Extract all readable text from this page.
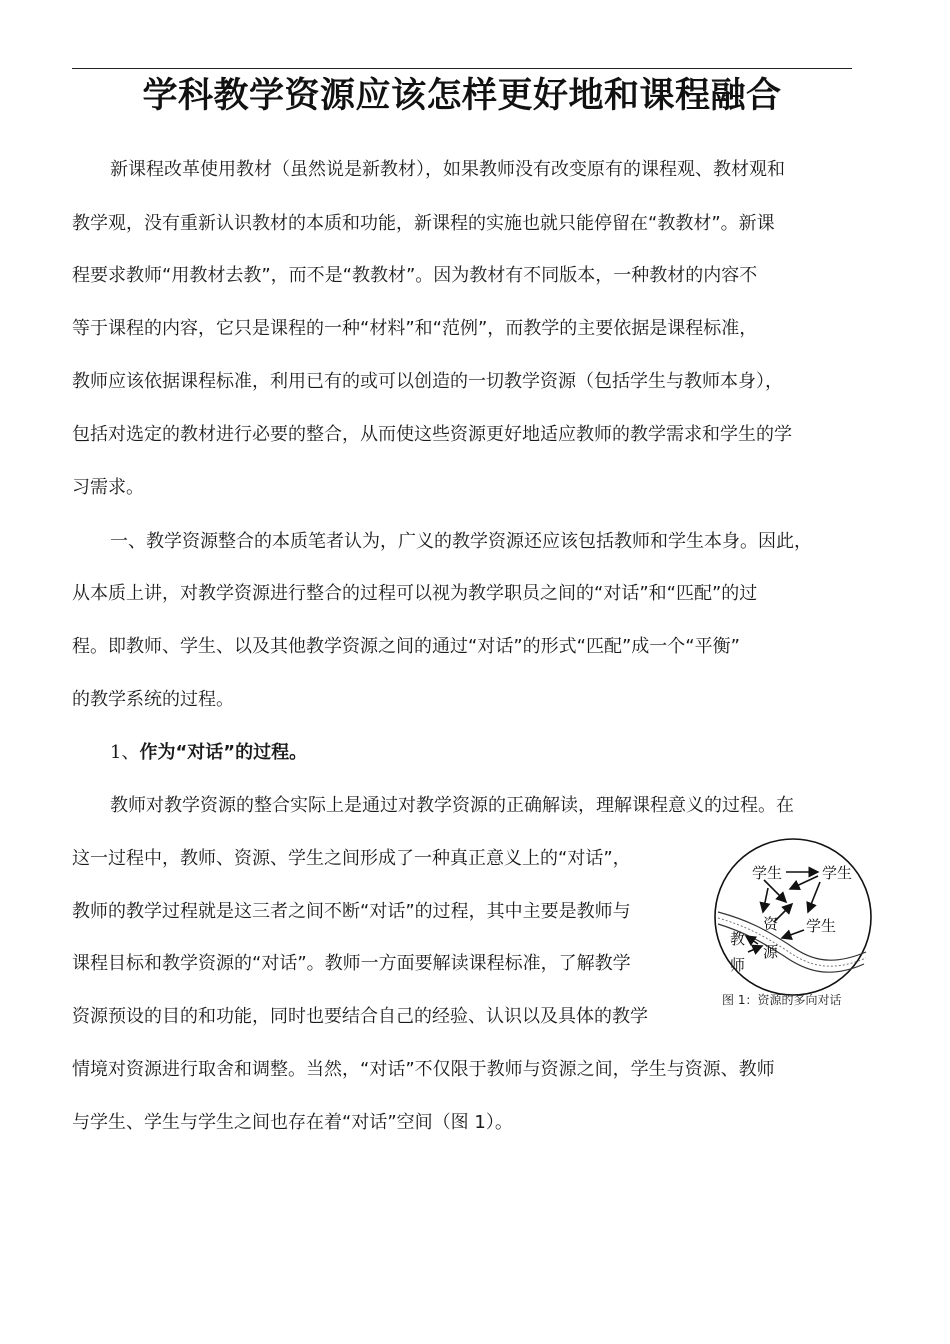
学科教学资源应该怎样更好地和课程融合
新课程改革使用教材（虽然说是新教材），如果教师没有改变原有的课程观、教材观和
教学观，没有重新认识教材的本质和功能，新课程的实施也就只能停留在“教教材”。新课
程要求教师“用教材去教”，而不是“教教材”。因为教材有不同版本，一种教材的内容不
等于课程的内容，它只是课程的一种“材料”和“范例”，而教学的主要依据是课程标准，
教师应该依据课程标准，利用已有的或可以创造的一切教学资源（包括学生与教师本身），
包括对选定的教材进行必要的整合，从而使这些资源更好地适应教师的教学需求和学生的学
习需求。
一、教学资源整合的本质笔者认为，广义的教学资源还应该包括教师和学生本身。因此，
从本质上讲，对教学资源进行整合的过程可以视为教学职员之间的“对话”和“匹配”的过
程。即教师、学生、以及其他教学资源之间的通过“对话”的形式“匹配”成一个“平衡”
的教学系统的过程。
1、作为“对话”的过程。
教师对教学资源的整合实际上是通过对教学资源的正确解读，理解课程意义的过程。在
这一过程中，教师、资源、学生之间形成了一种真正意义上的“对话”，
教师的教学过程就是这三者之间不断“对话”的过程，其中主要是教师与
课程目标和教学资源的“对话”。教师一方面要解读课程标准，了解教学
资源预设的目的和功能，同时也要结合自己的经验、认识以及具体的教学
情境对资源进行取舍和调整。当然，“对话”不仅限于教师与资源之间，学生与资源、教师
与学生、学生与学生之间也存在着“对话”空间（图 1）。
学生	学生
学生
资
源
教
师
图 1：资源的多向对话
